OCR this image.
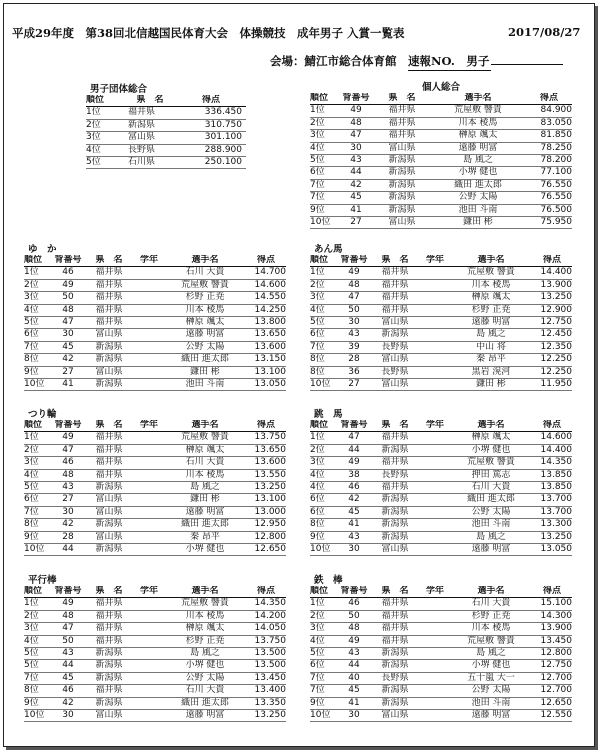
平成29年度　第38回北信越国民体育大会　体操競技　成年男子 入賞一覧表	2017/08/27
会場：鯖江市総合体育館　 速報NO.　男子
男子団体総合
順位	県　名	得点
1位	福井県	336.450
2位	新潟県	310.750
3位	富山県	301.100
4位	長野県	288.900
5位	石川県	250.100
個人総合
順位	背番号	県　名	選手名	得点
1位	49	福井県	荒屋敷 響貴	84.900
2位	48	福井県	川本 稜馬	83.050
3位	47	福井県	榊原 颯太	81.850
4位	30	富山県	遠藤 明富	78.250
5位	43	新潟県	島 風之	78.200
6位	44	新潟県	小堺 健也	77.100
7位	42	新潟県	織田 進太郎	76.550
7位	45	新潟県	公野 太陽	76.550
9位	41	新潟県	池田 斗南	76.500
10位	27	富山県	鎌田 彬	75.950
ゆ　か
順位	背番号	県　名	学年	選手名	得点
1位	46	福井県	石川 大貴	14.700
2位	49	福井県	荒屋敷 響貴	14.600
3位	50	福井県	杉野 正尭	14.550
4位	48	福井県	川本 稜馬	14.250
5位	47	福井県	榊原 颯太	13.800
6位	30	富山県	遠藤 明富	13.650
7位	45	新潟県	公野 太陽	13.600
8位	42	新潟県	織田 進太郎	13.150
9位	27	富山県	鎌田 彬	13.100
10位	41	新潟県	池田 斗南	13.050
あん馬
順位	背番号	県　名	学年	選手名	得点
1位	49	福井県	荒屋敷 響貴	14.400
2位	48	福井県	川本 稜馬	13.900
3位	47	福井県	榊原 颯太	13.250
4位	50	福井県	杉野 正尭	12.900
5位	30	富山県	遠藤 明富	12.750
6位	43	新潟県	島 風之	12.450
7位	39	長野県	中山 将	12.350
8位	28	富山県	秦 昂平	12.250
8位	36	長野県	黒岩 滉河	12.250
10位	27	富山県	鎌田 彬	11.950
つり輪
順位	背番号	県　名	学年	選手名	得点
1位	49	福井県	荒屋敷 響貴	13.750
2位	47	福井県	榊原 颯太	13.650
3位	46	福井県	石川 大貴	13.600
4位	48	福井県	川本 稜馬	13.550
5位	43	新潟県	島 風之	13.250
6位	27	富山県	鎌田 彬	13.100
7位	30	富山県	遠藤 明富	13.000
8位	42	新潟県	織田 進太郎	12.950
9位	28	富山県	秦 昂平	12.800
10位	44	新潟県	小堺 健也	12.650
跳　馬
順位	背番号	県　名	学年	選手名	得点
1位	47	福井県	榊原 颯太	14.600
2位	44	新潟県	小堺 健也	14.400
3位	49	福井県	荒屋敷 響貴	14.350
4位	38	長野県	押田 篤志	13.850
4位	46	福井県	石川 大貴	13.850
6位	42	新潟県	織田 進太郎	13.700
6位	45	新潟県	公野 太陽	13.700
8位	41	新潟県	池田 斗南	13.300
9位	43	新潟県	島 風之	13.250
10位	30	富山県	遠藤 明富	13.050
平行棒
順位	背番号	県　名	学年	選手名	得点
1位	49	福井県	荒屋敷 響貴	14.350
2位	48	福井県	川本 稜馬	14.200
3位	47	福井県	榊原 颯太	14.050
4位	50	福井県	杉野 正尭	13.750
5位	43	新潟県	島 風之	13.500
5位	44	新潟県	小堺 健也	13.500
7位	45	新潟県	公野 太陽	13.450
8位	46	福井県	石川 大貴	13.400
9位	42	新潟県	織田 進太郎	13.350
10位	30	富山県	遠藤 明富	13.250
鉄　棒
順位	背番号	県　名	学年	選手名	得点
1位	46	福井県	石川 大貴	15.100
2位	50	福井県	杉野 正尭	14.300
3位	48	福井県	川本 稜馬	13.900
4位	49	福井県	荒屋敷 響貴	13.450
5位	43	新潟県	島 風之	12.800
6位	44	新潟県	小堺 健也	12.750
7位	40	長野県	五十嵐 大一	12.700
7位	45	新潟県	公野 太陽	12.700
9位	41	新潟県	池田 斗南	12.650
10位	30	富山県	遠藤 明富	12.550
